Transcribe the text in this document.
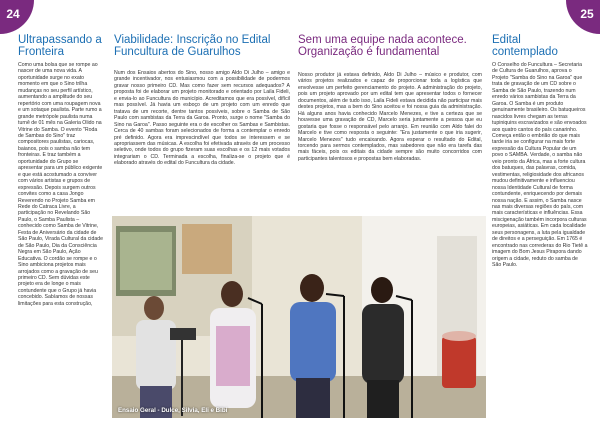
24	25
Ultrapassando a Fronteira

Como uma bolsa que se rompe ao nascer de uma nova vida. A oportunidade surge no exato momento em que o Sino trilha mudanças no seu perfil artístico, aumentando a amplitude do seu repertório com uma roupagem nova e um sotaque paulista. Parte rumo a grande metrópole paulista numa turnê de 01 mês na Galeria Olido na Vitrine do Samba. O evento "Roda de Sambas do Sino" traz compositores paulistas, cariocas, baianos, pois o samba não tem fronteiras. E traz também a oportunidade do Grupo se apresentar para um público exigente e que está acostumado a conviver com vários artistas e grupos de expressão. Depois surgem outros convites como a casa Jongo Reverendo no Projeto Samba em Rede do Catraca Livre, a participação no Revelando São Paulo, o Samba Paulista – conhecido como Samba de Vitrine, Festa de Aniversário da cidade de São Paulo, Virada Cultural da cidade de São Paulo, Dia da Consciência Negra em São Paulo, Ação Educativa. O cordão se rompe e o Sino ambiciona projetos mais arrojados como a gravação de seu primeiro CD. Sem dúvidas este projeto era de longe o mais contundente que o Grupo já havia concebido. Sabíamos de nossas limitações para esta construção,

Viabilidade: Inscrição no Edital Funcultura de Guarulhos

Num dos Ensaios abertos do Sino, nosso amigo Aldo Di Julho – amigo e grande incentivador, nos entusiasmou com a possibilidade de podermos gravar nosso primeiro CD. Mas como fazer sem recursos adequados? A proposta foi de elaborar um projeto monitorado e orientado por Laila Fideli, e envia-lo ao Funcultura do município. Acreditamos que era possível, difícil mas possível. Já havia um esboço de um projeto com um enredo que tratava de um recorte, dentre tantos possíveis, sobre o Samba de São Paulo com sambistas da Terra da Garoa. Pronto, surge o nome "Samba do Sino na Garoa". Passo seguinte era o de escolher os Sambas e Sambistas. Cerca de 40 sambas foram selecionados de forma a contemplar o enredo pré definido. Agora era imprescindível que todos se interessem e se apropriassem das músicas. A escolha foi efetivada através de um processo seletivo, onde todos do grupo fizeram suas escolhas e os 12 mais votados integrariam o CD. Terminada a escolha, finaliza-se o projeto que é elaborado através do edital do Funcultura da cidade.

Sem uma equipe nada acontece. Organização é fundamental

Nosso produtor já estava definido, Aldo Di Julho – músico e produtor, com vários projetos realizados e capaz de proporcionar toda a logística que envolvesse um perfeito gerenciamento do projeto. A administração do projeto, pois um projeto aprovado por um edital tem que apresentar todos o fornecer documentos, além de tudo isso, Laila Fideli estava decidida não participar mais destes projetos, mas a bem do Sino aceitou e foi nossa guia da administração. Há alguns anos havia conhecido Marcelo Menezes, e tive a certeza que se houvesse uma gravação de CD, Marcelo seria juntamente a pessoa que eu gostaria que fosse o responsável pelo arranjo. Em reunião com Aldo falei do Marcelo e tive como resposta o seguinte: "Era justamente o que iria sugerir, Marcelo Menezes" tudo encaixando. Agora esperar o resultado do Edital, torcendo para sermos contemplados, mas sabedores que não era tarefa das mais fáceis, pois os editais da cidade sempre são muito concorridos com participantes talentosos e propostas bem elaboradas.

Edital contemplado

O Conselho do Funcultura – Secretaria de Cultura de Guarulhos, aprova o Projeto "Samba do Sino na Garoa" que trata de gravação de um CD sobre o Samba de São Paulo, trazendo num enredo vários sambistas da Terra da Garoa. O Samba é um produto genuinamente brasileiro. Os batuqueiros nascidos livres chegam as terras tupiniquins escravizados e são envoados aos quatro cantos do país canarinho. Começa então o embrião do que mais tarde iria se configurar na mais forte expressão da Cultura Popular de um povo o SAMBA. Verdade, o samba não veio pronto da África, mas a forte cultura dos batuques, das palavras, comida, vestimentas, religiosidade dos africanos mudou definitivamente e influenciou nossa Identidade Cultural de forma contundente, enriquecendo por demais nossa nação. E assim, o Samba nasce nas mais diversas regiões do país, com mais características e influências. Essa miscigenação também incorpora culturas europeias, asiáticas. Em cada localidade seus personagens, a luta pela igualdade de direitos e a perseguição. Em 1765 é encontrado nas correderas do Rio Tietê a imagem do Bom Jesus Pirapora dando origem a cidade, reduto do samba de São Paulo.

Ensaio Geral - Dulce, Silvia, Eli e Bibi
